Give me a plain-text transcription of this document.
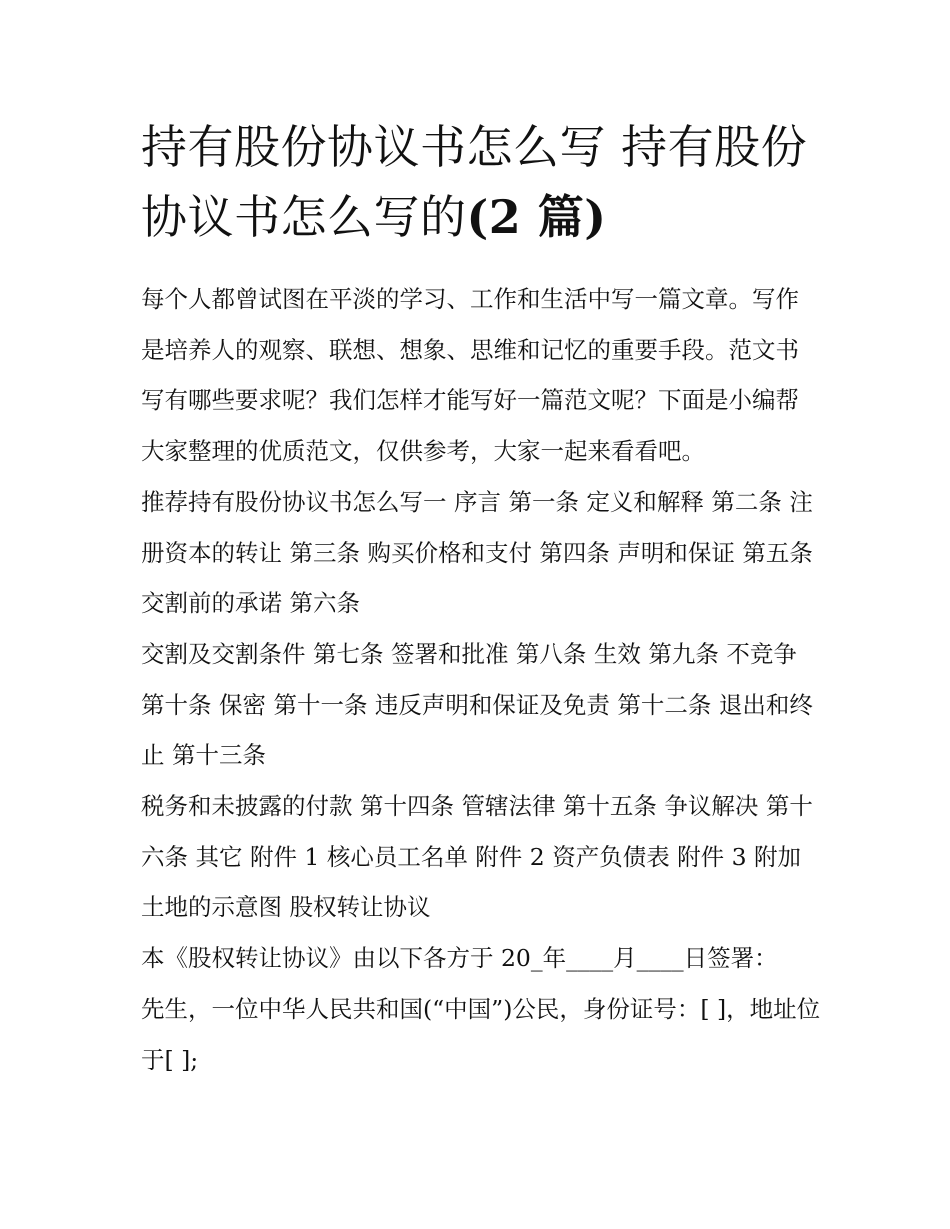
持有股份协议书怎么写 持有股份协议书怎么写的(2 篇)

每个人都曾试图在平淡的学习、工作和生活中写一篇文章。写作是培养人的观察、联想、想象、思维和记忆的重要手段。范文书写有哪些要求呢？我们怎样才能写好一篇范文呢？下面是小编帮大家整理的优质范文，仅供参考，大家一起来看看吧。

推荐持有股份协议书怎么写一 序言 第一条 定义和解释 第二条 注册资本的转让 第三条 购买价格和支付 第四条 声明和保证 第五条 交割前的承诺 第六条

交割及交割条件 第七条 签署和批准 第八条 生效 第九条 不竞争 第十条 保密 第十一条 违反声明和保证及免责 第十二条 退出和终止 第十三条

税务和未披露的付款 第十四条 管辖法律 第十五条 争议解决 第十六条 其它 附件 1 核心员工名单 附件 2 资产负债表 附件 3 附加土地的示意图 股权转让协议

本《股权转让协议》由以下各方于 20_年____月____日签署：

先生，一位中华人民共和国(“中国”)公民，身份证号：[ ]，地址位于[ ];
